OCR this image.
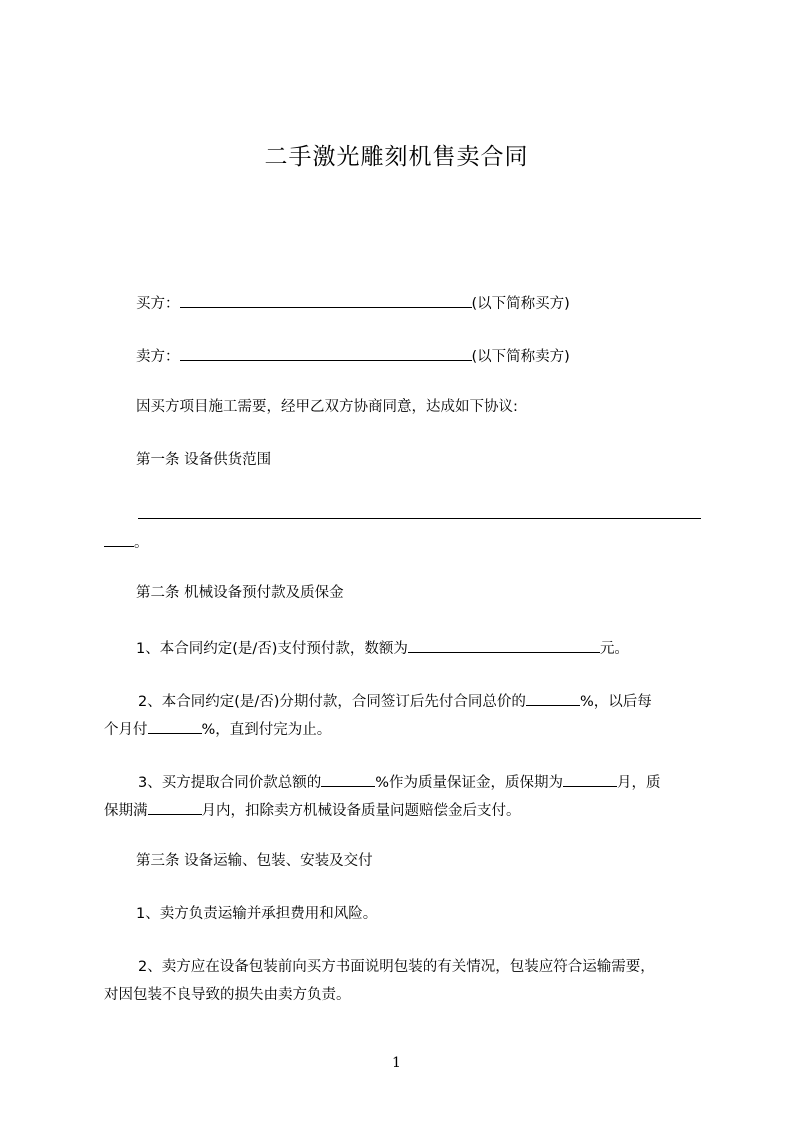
二手激光雕刻机售卖合同
买方：	(以下简称买方)
卖方：	(以下简称卖方)
因买方项目施工需要，经甲乙双方协商同意，达成如下协议:
第一条 设备供货范围
。
第二条 机械设备预付款及质保金
1、本合同约定(是/否)支付预付款，数额为	元。
2、本合同约定(是/否)分期付款，合同签订后先付合同总价的	%，以后每
个月付	%，直到付完为止。
3、买方提取合同价款总额的	%作为质量保证金，质保期为	月，质
保期满	月内，扣除卖方机械设备质量问题赔偿金后支付。
第三条 设备运输、包装、安装及交付
1、卖方负责运输并承担费用和风险。
2、卖方应在设备包装前向买方书面说明包装的有关情况，包装应符合运输需要，
对因包装不良导致的损失由卖方负责。
1
